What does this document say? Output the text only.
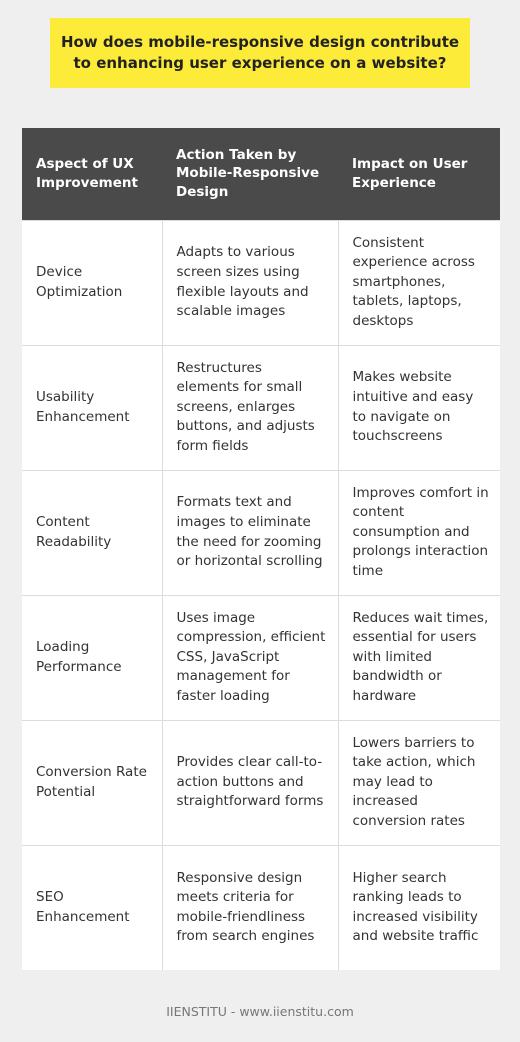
How does mobile-responsive design contribute to enhancing user experience on a website?
Aspect of UX Improvement	Action Taken by Mobile-Responsive Design	Impact on User Experience
Device Optimization	Adapts to various screen sizes using flexible layouts and scalable images	Consistent experience across smartphones, tablets, laptops, desktops
Usability Enhancement	Restructures elements for small screens, enlarges buttons, and adjusts form fields	Makes website intuitive and easy to navigate on touchscreens
Content Readability	Formats text and images to eliminate the need for zooming or horizontal scrolling	Improves comfort in content consumption and prolongs interaction time
Loading Performance	Uses image compression, efficient CSS, JavaScript management for faster loading	Reduces wait times, essential for users with limited bandwidth or hardware
Conversion Rate Potential	Provides clear call-to-action buttons and straightforward forms	Lowers barriers to take action, which may lead to increased conversion rates
SEO Enhancement	Responsive design meets criteria for mobile-friendliness from search engines	Higher search ranking leads to increased visibility and website traffic
IIENSTITU - www.iienstitu.com
